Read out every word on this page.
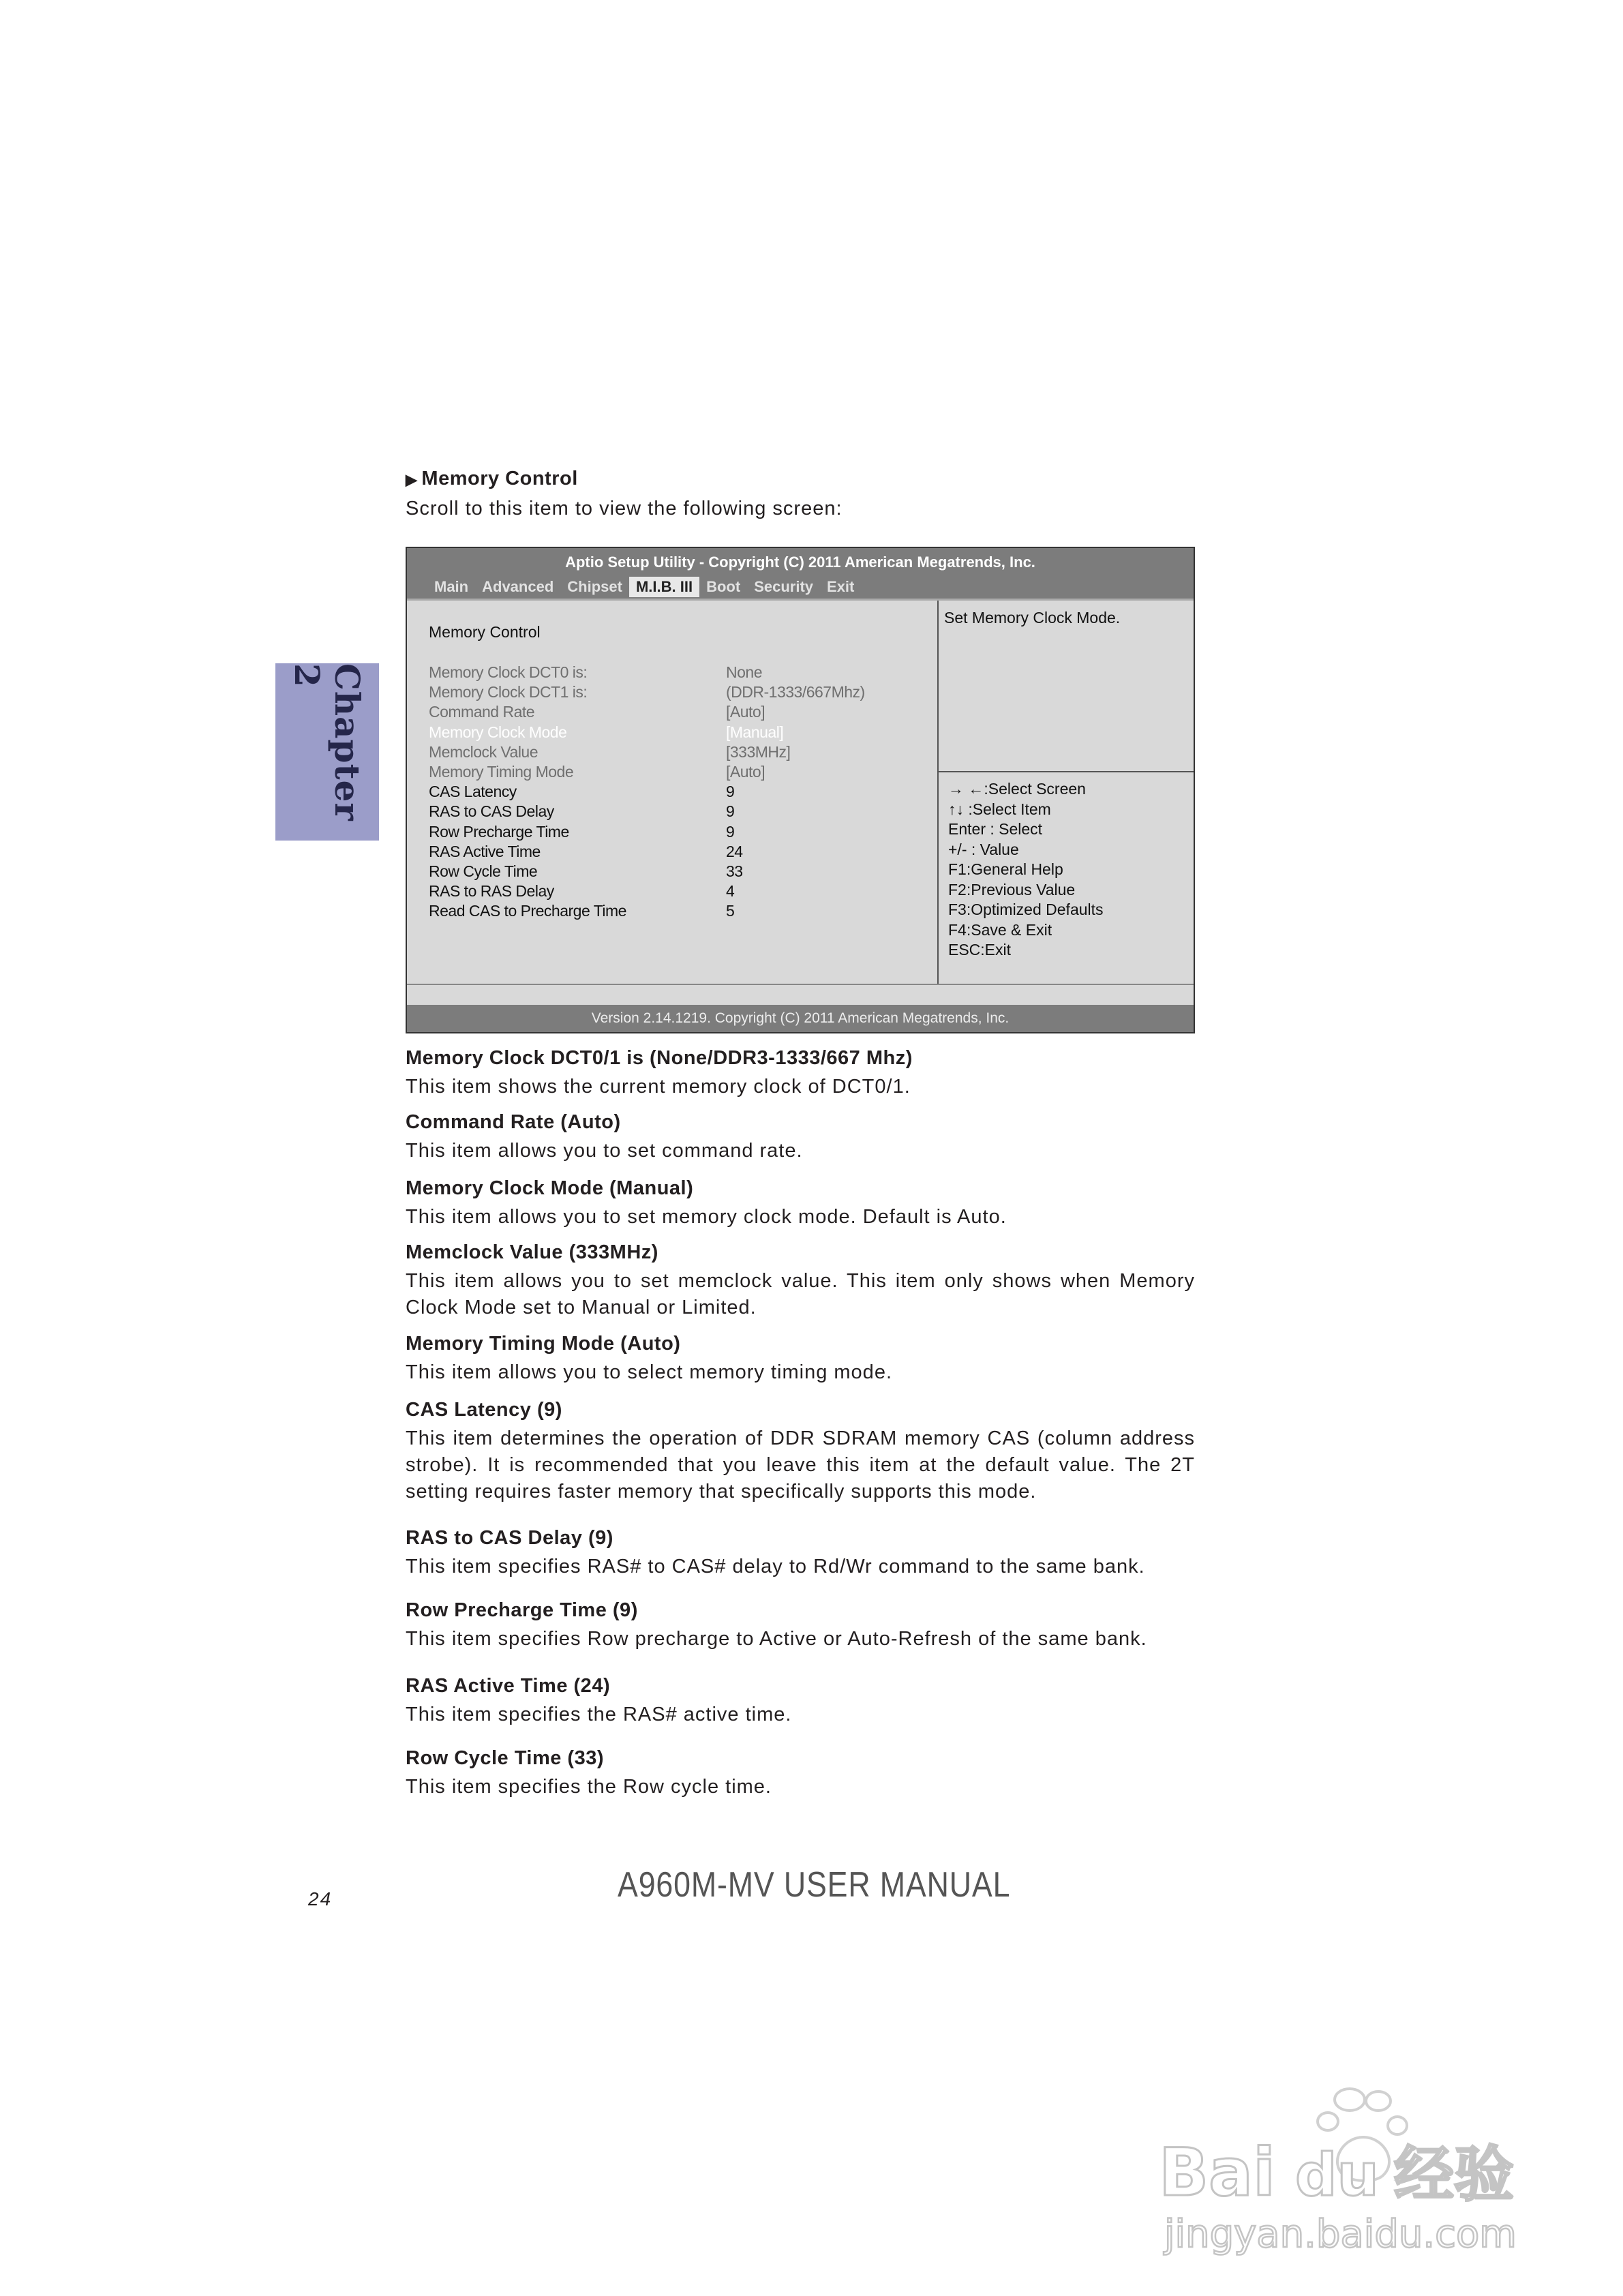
▶ Memory Control
Scroll to this item to view the following screen:
Chapter 2
Aptio Setup Utility - Copyright (C) 2011 American Megatrends, Inc.
Main Advanced Chipset M.I.B. III Boot Security Exit
Memory Control
Memory Clock DCT0 is:	None
Memory Clock DCT1 is:	(DDR-1333/667Mhz)
Command Rate	[Auto]
Memory Clock Mode	[Manual]
Memclock Value	[333MHz]
Memory Timing Mode	[Auto]
CAS Latency	9
RAS to CAS Delay	9
Row Precharge Time	9
RAS Active Time	24
Row Cycle Time	33
RAS to RAS Delay	4
Read CAS to Precharge Time	5
Set Memory Clock Mode.
→ ←:Select Screen
↑↓ :Select Item
Enter : Select
+/- : Value
F1:General Help
F2:Previous Value
F3:Optimized Defaults
F4:Save & Exit
ESC:Exit
Version 2.14.1219. Copyright (C) 2011 American Megatrends, Inc.
Memory Clock DCT0/1 is (None/DDR3-1333/667 Mhz)
This item shows the current memory clock of DCT0/1.
Command Rate (Auto)
This item allows you to set command rate.
Memory Clock Mode (Manual)
This item allows you to set memory clock mode. Default is Auto.
Memclock Value (333MHz)
This item allows you to set memclock value. This item only shows when Memory Clock Mode set to Manual or Limited.
Memory Timing Mode (Auto)
This item allows you to select memory timing mode.
CAS Latency (9)
This item determines the operation of DDR SDRAM memory CAS (column address strobe). It is recommended that you leave this item at the default value. The 2T setting requires faster memory that specifically supports this mode.
RAS to CAS Delay (9)
This item specifies RAS# to CAS# delay to Rd/Wr command to the same bank.
Row Precharge Time (9)
This item specifies Row precharge to Active or Auto-Refresh of the same bank.
RAS Active Time (24)
This item specifies the RAS# active time.
Row Cycle Time (33)
This item specifies the Row cycle time.
24	A960M-MV USER MANUAL
Bai du 经验
jingyan.baidu.com
